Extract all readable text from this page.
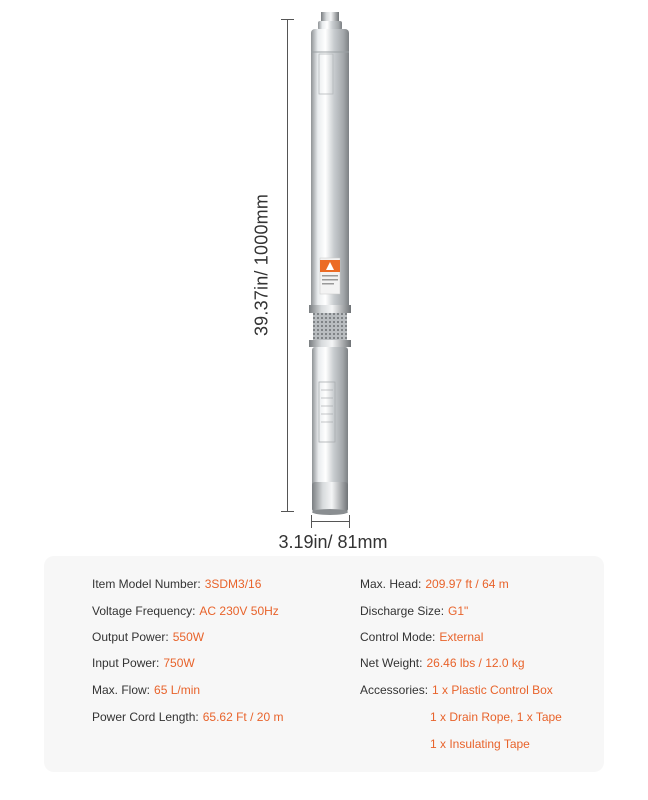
39.37in/ 1000mm
3.19in/ 81mm
Item Model Number: 3SDM3/16
Voltage Frequency: AC 230V 50Hz
Output Power: 550W
Input Power: 750W
Max. Flow: 65 L/min
Power Cord Length: 65.62 Ft / 20 m
Max. Head: 209.97 ft / 64 m
Discharge Size: G1"
Control Mode: External
Net Weight: 26.46 lbs / 12.0 kg
Accessories: 1 x Plastic Control Box
1 x Drain Rope, 1 x Tape
1 x Insulating Tape
